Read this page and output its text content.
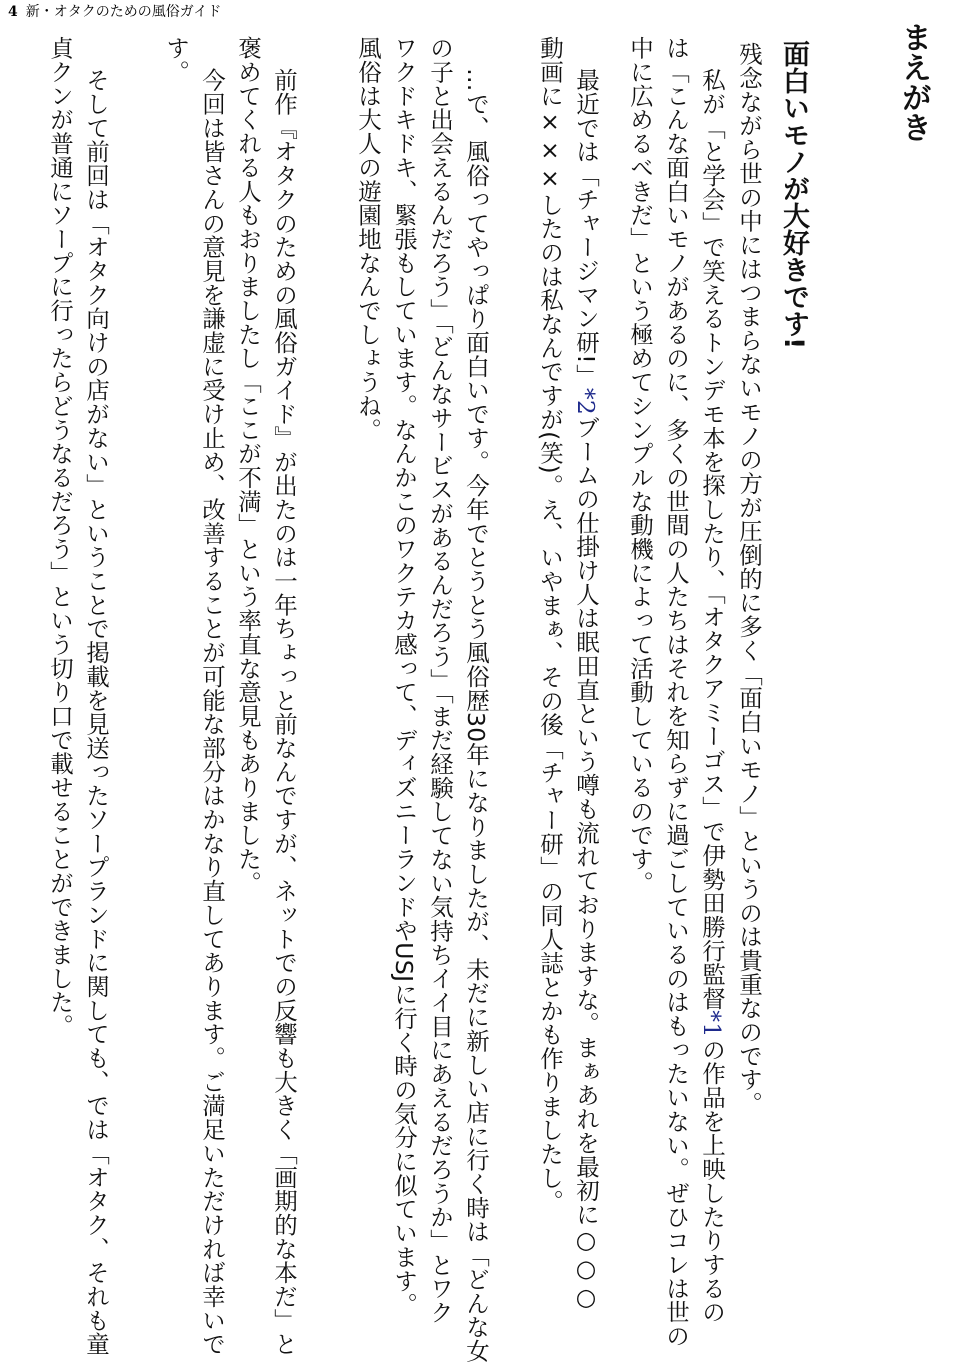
4 新・オタクのための風俗ガイド
まえがき
面白いモノが大好きです!
残念ながら世の中にはつまらないモノの方が圧倒的に多く「面白いモノ」というのは貴重なのです。
私が「と学会」で笑えるトンデモ本を探したり、「オタクアミーゴス」で伊勢田勝行監督*1の作品を上映したりするの
は「こんな面白いモノがあるのに、多くの世間の人たちはそれを知らずに過ごしているのはもったいない。ぜひコレは世の
中に広めるべきだ」という極めてシンプルな動機によって活動しているのです。
最近では「チャージマン研!」*2ブームの仕掛け人は眠田直という噂も流れておりますな。まぁあれを最初に○○○
動画に×××したのは私なんですが(笑)。え、いやまぁ、その後「チャー研」の同人誌とかも作りましたし。
…で、風俗ってやっぱり面白いです。今年でとうとう風俗歴30年になりましたが、未だに新しい店に行く時は「どんな女
の子と出会えるんだろう」「どんなサービスがあるんだろう」「まだ経験してない気持ちイイ目にあえるだろうか」とワク
ワクドキドキ、緊張もしています。なんかこのワクテカ感って、ディズニーランドやUSJに行く時の気分に似ています。
風俗は大人の遊園地なんでしょうね。
前作『オタクのための風俗ガイド』が出たのは一年ちょっと前なんですが、ネットでの反響も大きく「画期的な本だ」と
褒めてくれる人もおりましたし「ここが不満」という率直な意見もありました。
今回は皆さんの意見を謙虚に受け止め、改善することが可能な部分はかなり直してあります。ご満足いただければ幸いで
す。
そして前回は「オタク向けの店がない」ということで掲載を見送ったソープランドに関しても、では「オタク、それも童
貞クンが普通にソープに行ったらどうなるだろう」という切り口で載せることができました。
